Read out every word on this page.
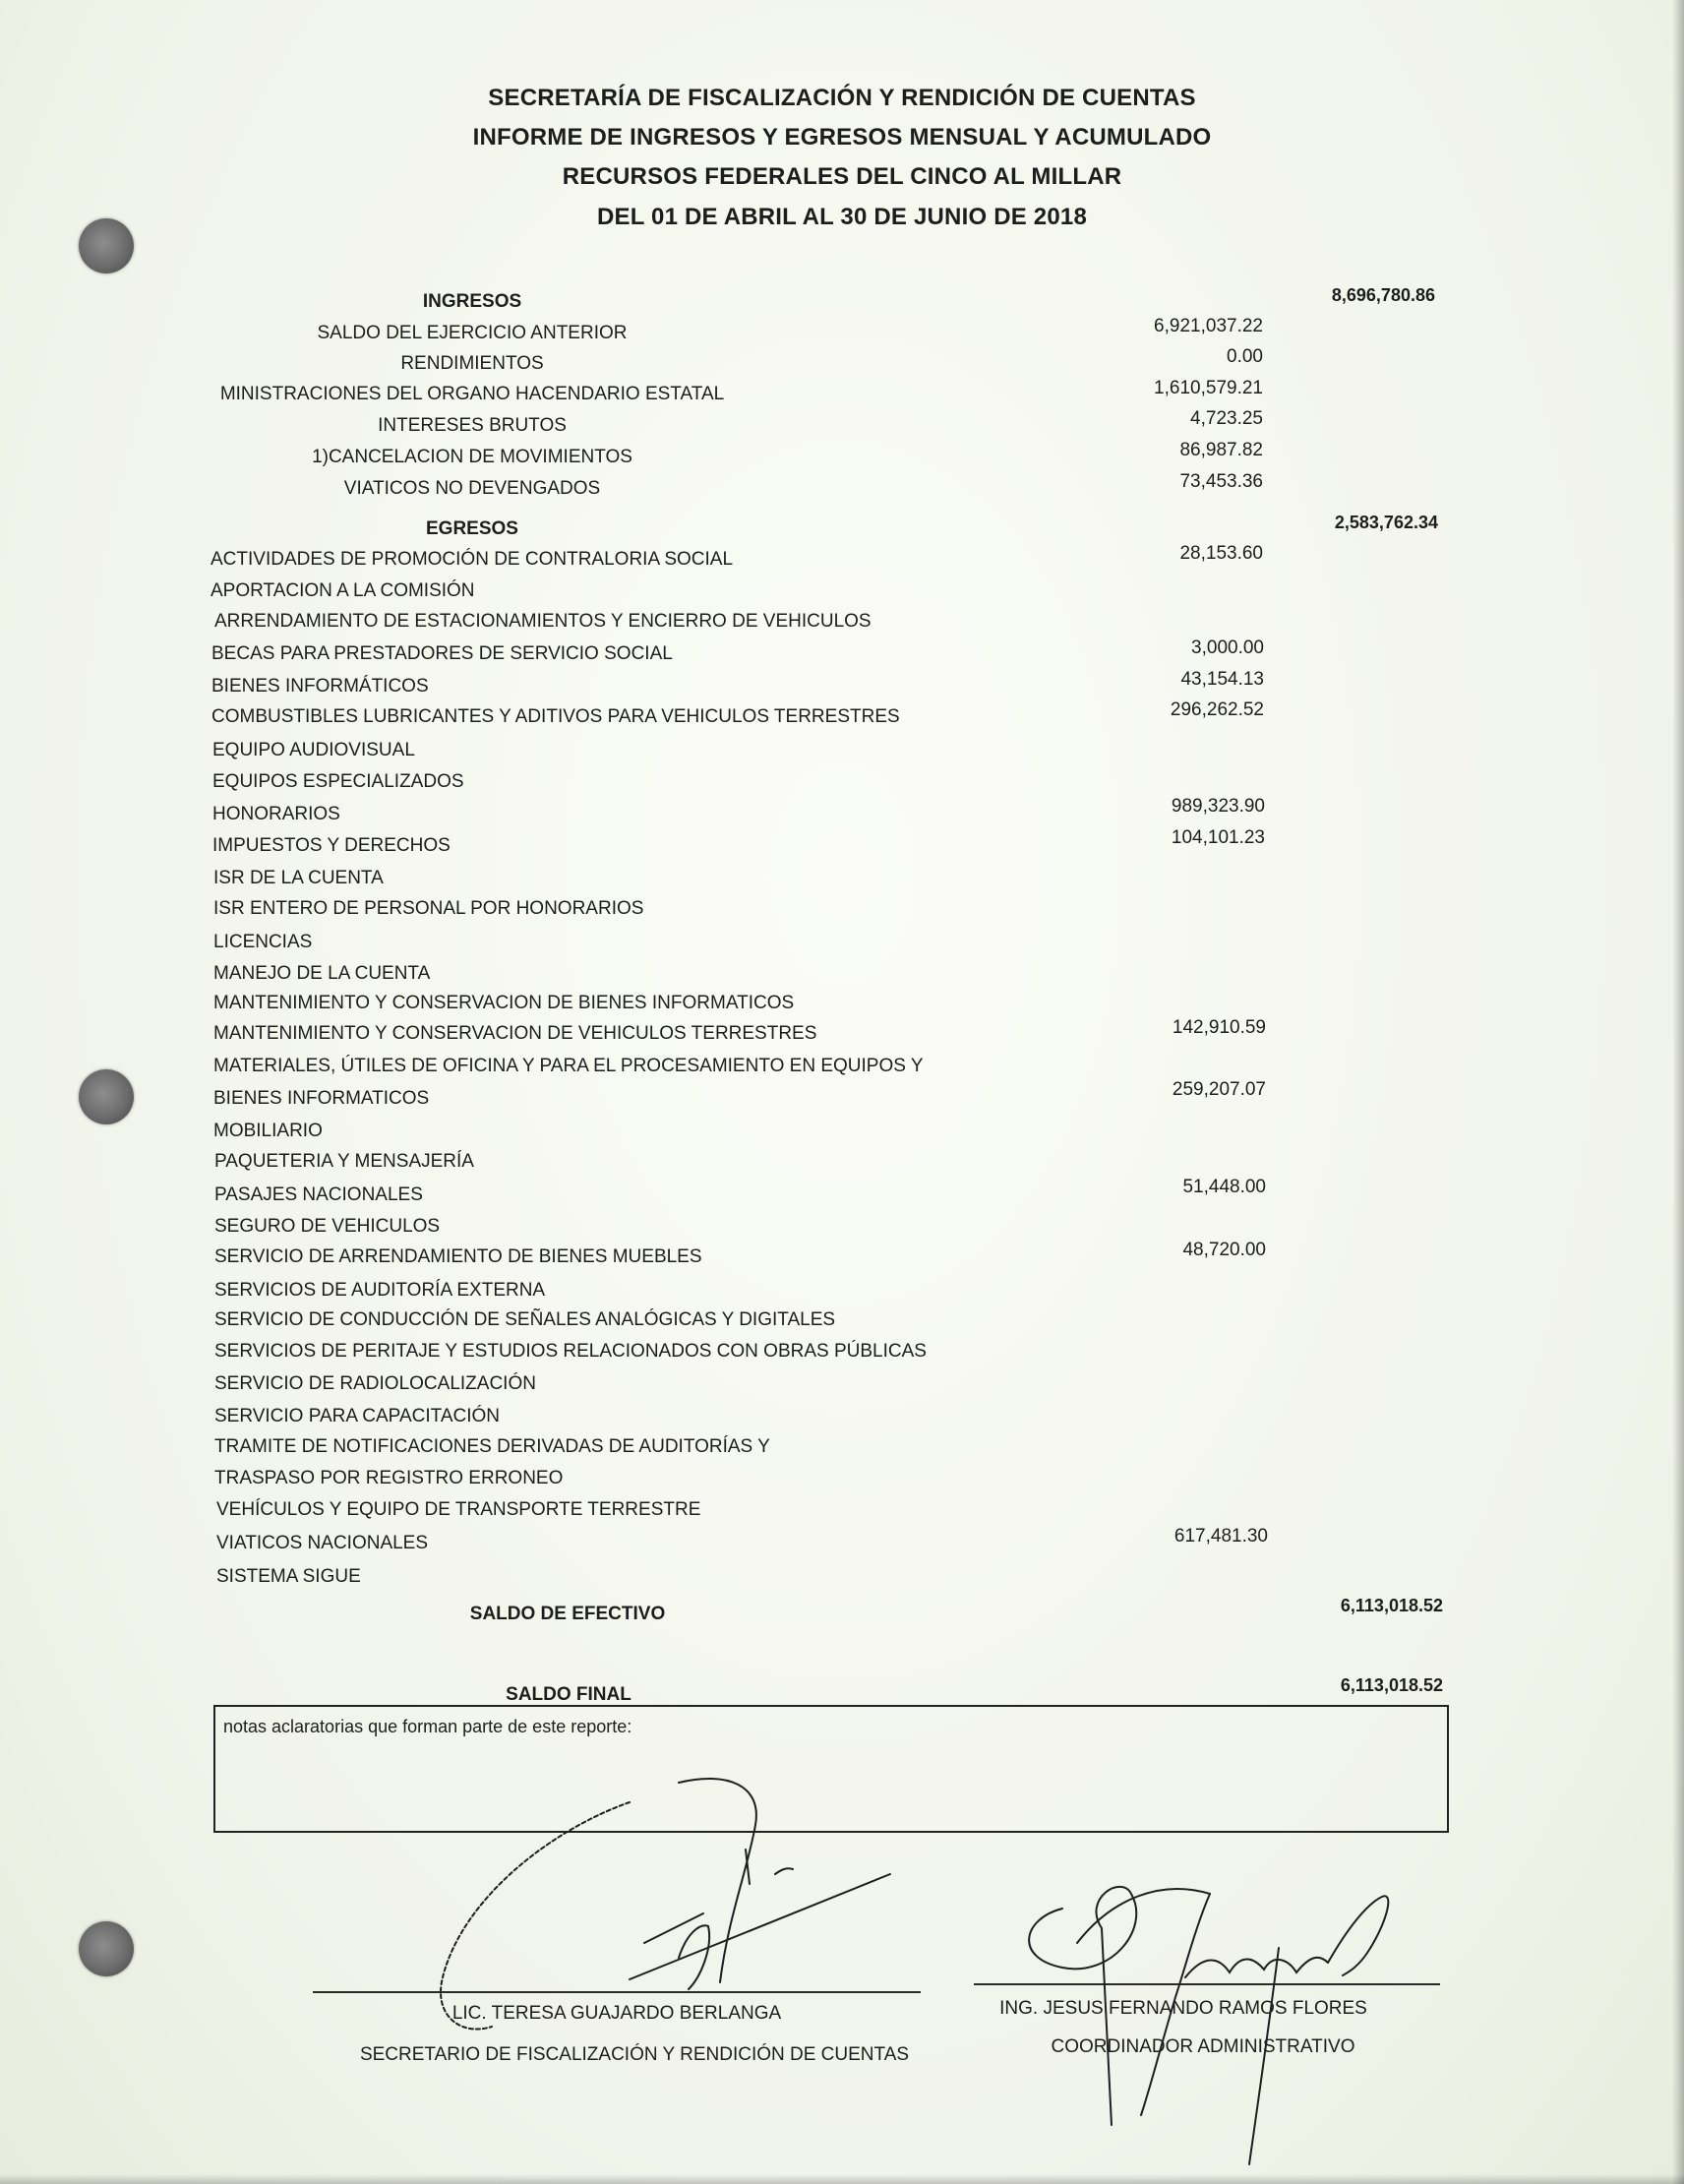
SECRETARÍA DE FISCALIZACIÓN Y RENDICIÓN DE CUENTAS
INFORME DE INGRESOS Y EGRESOS MENSUAL Y ACUMULADO
RECURSOS FEDERALES DEL CINCO AL MILLAR
DEL 01 DE ABRIL AL 30 DE JUNIO DE 2018
INGRESOS	8,696,780.86
SALDO DEL EJERCICIO ANTERIOR	6,921,037.22
RENDIMIENTOS	0.00
MINISTRACIONES DEL ORGANO HACENDARIO ESTATAL	1,610,579.21
INTERESES BRUTOS	4,723.25
1)CANCELACION DE MOVIMIENTOS	86,987.82
VIATICOS NO DEVENGADOS	73,453.36
EGRESOS	2,583,762.34
ACTIVIDADES DE PROMOCIÓN DE CONTRALORIA SOCIAL	28,153.60
APORTACION A LA COMISIÓN
ARRENDAMIENTO DE ESTACIONAMIENTOS Y ENCIERRO DE VEHICULOS
BECAS PARA PRESTADORES DE SERVICIO SOCIAL	3,000.00
BIENES INFORMÁTICOS	43,154.13
COMBUSTIBLES LUBRICANTES Y ADITIVOS PARA VEHICULOS TERRESTRES	296,262.52
EQUIPO AUDIOVISUAL
EQUIPOS ESPECIALIZADOS
HONORARIOS	989,323.90
IMPUESTOS Y DERECHOS	104,101.23
ISR DE LA CUENTA
ISR ENTERO DE PERSONAL POR HONORARIOS
LICENCIAS
MANEJO DE LA CUENTA
MANTENIMIENTO Y CONSERVACION DE BIENES INFORMATICOS
MANTENIMIENTO Y CONSERVACION DE VEHICULOS TERRESTRES	142,910.59
MATERIALES, ÚTILES DE OFICINA Y PARA EL PROCESAMIENTO EN EQUIPOS Y
BIENES INFORMATICOS	259,207.07
MOBILIARIO
PAQUETERIA Y MENSAJERÍA
PASAJES NACIONALES	51,448.00
SEGURO DE VEHICULOS
SERVICIO DE ARRENDAMIENTO DE BIENES MUEBLES	48,720.00
SERVICIOS DE AUDITORÍA EXTERNA
SERVICIO DE CONDUCCIÓN DE SEÑALES ANALÓGICAS Y DIGITALES
SERVICIOS DE PERITAJE Y ESTUDIOS RELACIONADOS CON OBRAS PÚBLICAS
SERVICIO DE RADIOLOCALIZACIÓN
SERVICIO PARA CAPACITACIÓN
TRAMITE DE NOTIFICACIONES DERIVADAS DE AUDITORÍAS Y
TRASPASO POR REGISTRO ERRONEO
VEHÍCULOS Y EQUIPO DE TRANSPORTE TERRESTRE
VIATICOS NACIONALES	617,481.30
SISTEMA SIGUE
SALDO DE EFECTIVO	6,113,018.52
SALDO FINAL	6,113,018.52
notas aclaratorias que forman parte de este reporte:
LIC. TERESA GUAJARDO BERLANGA
SECRETARIO DE FISCALIZACIÓN Y RENDICIÓN DE CUENTAS
ING. JESUS FERNANDO RAMOS FLORES
COORDINADOR ADMINISTRATIVO
